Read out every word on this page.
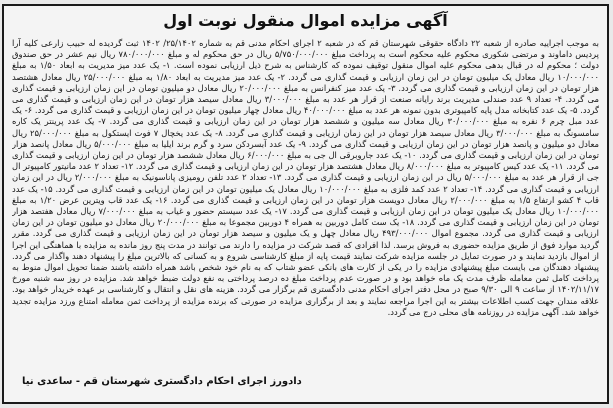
آگهی مزایده اموال منقول نوبت اول
به موجب اجراییه صادره از شعبه ۲۲ دادگاه حقوقی شهرستان قم که در شعبه ۲ اجرای احکام مدنی قم به شماره ۲۵/۱۴۰۲/ ۱۴۰۲ ثبت گردیده له حبیب زارعی کلیه آرا پردیس داماوند و مرتضی شکوری محکوم علیه محکوم است به پرداخت مبلغ ۵/۷۵۰/۰۰۰/۰۰۰ ریال در حق محکوم له و مبلغ ۷۸۰/۰۰۰/۰۰۰ ریال نیم عشر در حق صندوق دولت ؛ محکوم له در قبال بدهی محکوم علیه اموال منقول توقیف نموده که کارشناس به شرح ذیل ارزیابی نموده است. ۱- یک عدد میز مدیریت به ابعاد ۱/۵۰ به مبلغ ۱۰/۰۰۰/۰۰۰ ریال معادل یک میلیون تومان در این زمان ارزیابی و قیمت گذاری می گردد. ۲- یک عدد میز مدیریت به ابعاد ۱/۸۰ به مبلغ ۲۵/۰۰۰/۰۰۰ ریال معادل هشتصد هزار تومان در این زمان ارزیابی و قیمت گذاری می گردد. ۳- یک عدد میز کنفرانس به مبلغ ۲۰/۰۰۰/۰۰۰ ریال معادل دو میلیون تومان در این زمان ارزیابی و قیمت گذاری می گردد. ۴- تعداد ۹ عدد صندلی مدیریت برند رایانه صنعت از قرار هر عدد به مبلغ ۳/۰۰۰/۰۰۰ ریال معادل سیصد هزار تومان در این زمان ارزیابی و قیمت گذاری می گردد. ۵- یک عدد کتابخانه مدل پایه کامپیوتری بدون نمونه هر عدد به مبلغ ۴۰/۰۰۰/۰۰۰ ریال معادل چهار میلیون تومان در این زمان ارزیابی و قیمت گذاری می گردد. ۶- یک عدد مبل چرم ۶ نفره به مبلغ ۳۰/۰۰۰/۰۰۰ ریال معادل سه میلیون و ششصد هزار تومان در این زمان ارزیابی و قیمت گذاری می گردد. ۷- یک عدد پرینتر یک کاره سامسونگ به مبلغ ۳/۰۰۰/۰۰۰ ریال معادل سیصد هزار تومان در این زمان ارزیابی و قیمت گذاری می گردد. ۸- یک عدد یخچال ۷ فوت ایستکول به مبلغ ۲۵/۰۰۰/۰۰۰ ریال معادل دو میلیون و پانصد هزار تومان در این زمان ارزیابی و قیمت گذاری می گردد. ۹- یک عدد آبسردکن سرد و گرم برند ایلیا به مبلغ ۵/۰۰۰/۰۰۰ ریال معادل پانصد هزار تومان در این زمان ارزیابی و قیمت گذاری می گردد. ۱۰- یک عدد جاروبرقی ال جی به مبلغ ۶/۰۰۰/۰۰۰ ریال معادل ششصد هزار تومان در این زمان ارزیابی و قیمت گذاری می گردد. ۱۱- یک عدد کیس کامپیوتر به مبلغ ۸/۰۰۰/۰۰۰ ریال معادل هشتصد هزار تومان در این زمان ارزیابی و قیمت گذاری می گردد. ۱۲- تعداد ۲ عدد مانیتور کامپیوتر ال جی از قرار هر عدد به مبلغ ۵/۰۰۰/۰۰۰ ریال در این زمان ارزیابی و قیمت گذاری می گردد. ۱۳- تعداد ۲ عدد تلفن رومیزی پاناسونیک به مبلغ ۲/۰۰۰/۰۰۰ ریال در این زمان ارزیابی و قیمت گذاری می گردد. ۱۴- تعداد ۲ عدد کمد فلزی به مبلغ ۱۰/۰۰۰/۰۰۰ ریال معادل یک میلیون تومان در این زمان ارزیابی و قیمت گذاری می گردد. ۱۵- یک عدد قاب ۴ کشو ارتفاع ۱/۵ به مبلغ ۲/۰۰۰/۰۰۰ ریال معادل دویست هزار تومان در این زمان ارزیابی و قیمت گذاری می گردد. ۱۶- یک عدد قاب ویترین عرض ۱/۲۰ به مبلغ ۱۰/۰۰۰/۰۰۰ ریال معادل یک میلیون تومان در این زمان ارزیابی و قیمت گذاری می گردد. ۱۷- یک عدد سیستم حضور و غیاب به مبلغ ۷/۰۰۰/۰۰۰ ریال معادل هفتصد هزار تومان در این زمان ارزیابی و قیمت گذاری می گردد. ۱۸- یک ست کامل دوربین به همراه ۴ دوربین مجموعا به مبلغ ۲۰/۰۰۰/۰۰۰ ریال معادل دو میلیون تومان در این زمان ارزیابی و قیمت گذاری می گردد. مجموع اموال ۴۹۳/۰۰۰/۰۰۰ ریال معادل چهل و یک میلیون و سیصد هزار تومان در این زمان ارزیابی و قیمت گذاری می گردد. مقرر گردید موارد فوق از طریق مزایده حضوری به فروش برسد. لذا افرادی که قصد شرکت در مزایده را دارند می توانند در مدت پنج روز مانده به مزایده با هماهنگی این اجرا از اموال بازدید نمایند و در صورت تمایل در جلسه مزایده شرکت نمایند قیمت پایه از مبلغ کارشناسی شروع و به کسانی که بالاترین مبلغ را پیشنهاد دهند واگذار می گردد. پیشنهاد دهندگان می بایست مبلغ پیشنهادی مزایده را در یکی از کارت های بانکی عضو شتاب که به نام خود شخص باشد همراه داشته باشند ضمنا تحویل اموال منوط به پرداخت کامل ثمن معامله ظرف مدت یک ماه خواهد بود و در صورت عدم پرداخت مبلغ ده درصد پرداختی به نفع دولت ضبط خواهد شد. مزایده در روز سه شنبه مورخ ۱۴۰۲/۱۱/۱۷ از ساعت ۹ الی ۹/۳۰ صبح در محل دفتر اجرای احکام مدنی دادگستری قم برگزار می گردد. هزینه های نقل و انتقال و کارشناسی بر عهده خریدار خواهد بود. علاقه مندان جهت کسب اطلاعات بیشتر به این اجرا مراجعه نمایند و بعد از برگزاری مزایده در صورتی که برنده مزایده از پرداخت ثمن معامله امتناع ورزد مزایده تجدید خواهد شد. آگهی مزایده در روزنامه های محلی درج می گردد.
دادورز اجرای احکام دادگستری شهرستان قم - ساعدی نیا
